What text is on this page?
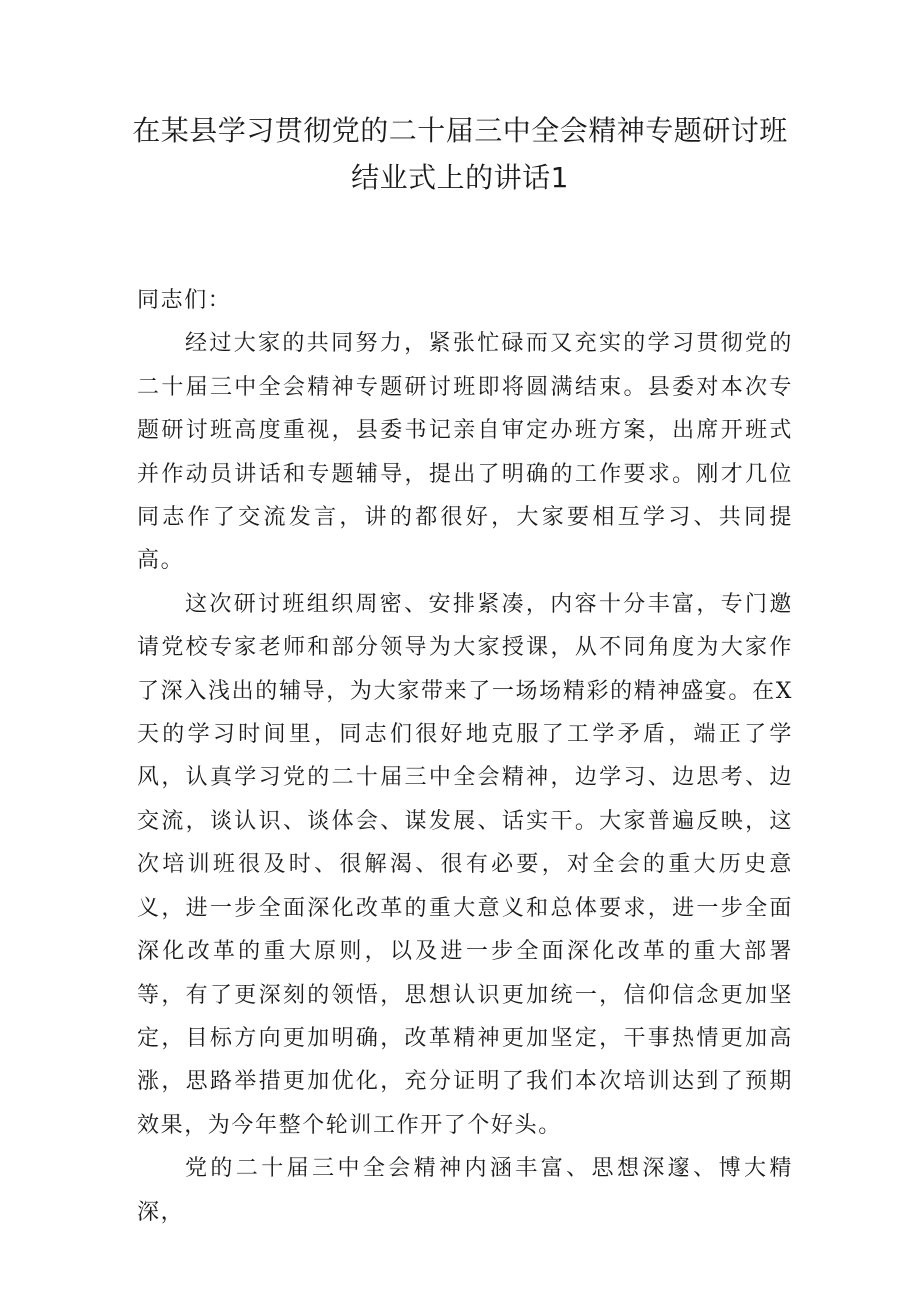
在某县学习贯彻党的二十届三中全会精神专题研讨班
结业式上的讲话1

同志们：

经过大家的共同努力，紧张忙碌而又充实的学习贯彻党的二十届三中全会精神专题研讨班即将圆满结束。县委对本次专题研讨班高度重视，县委书记亲自审定办班方案，出席开班式并作动员讲话和专题辅导，提出了明确的工作要求。刚才几位同志作了交流发言，讲的都很好，大家要相互学习、共同提高。

这次研讨班组织周密、安排紧凑，内容十分丰富，专门邀请党校专家老师和部分领导为大家授课，从不同角度为大家作了深入浅出的辅导，为大家带来了一场场精彩的精神盛宴。在X天的学习时间里，同志们很好地克服了工学矛盾，端正了学风，认真学习党的二十届三中全会精神，边学习、边思考、边交流，谈认识、谈体会、谋发展、话实干。大家普遍反映，这次培训班很及时、很解渴、很有必要，对全会的重大历史意义，进一步全面深化改革的重大意义和总体要求，进一步全面深化改革的重大原则，以及进一步全面深化改革的重大部署等，有了更深刻的领悟，思想认识更加统一，信仰信念更加坚定，目标方向更加明确，改革精神更加坚定，干事热情更加高涨，思路举措更加优化，充分证明了我们本次培训达到了预期效果，为今年整个轮训工作开了个好头。

党的二十届三中全会精神内涵丰富、思想深邃、博大精深，
